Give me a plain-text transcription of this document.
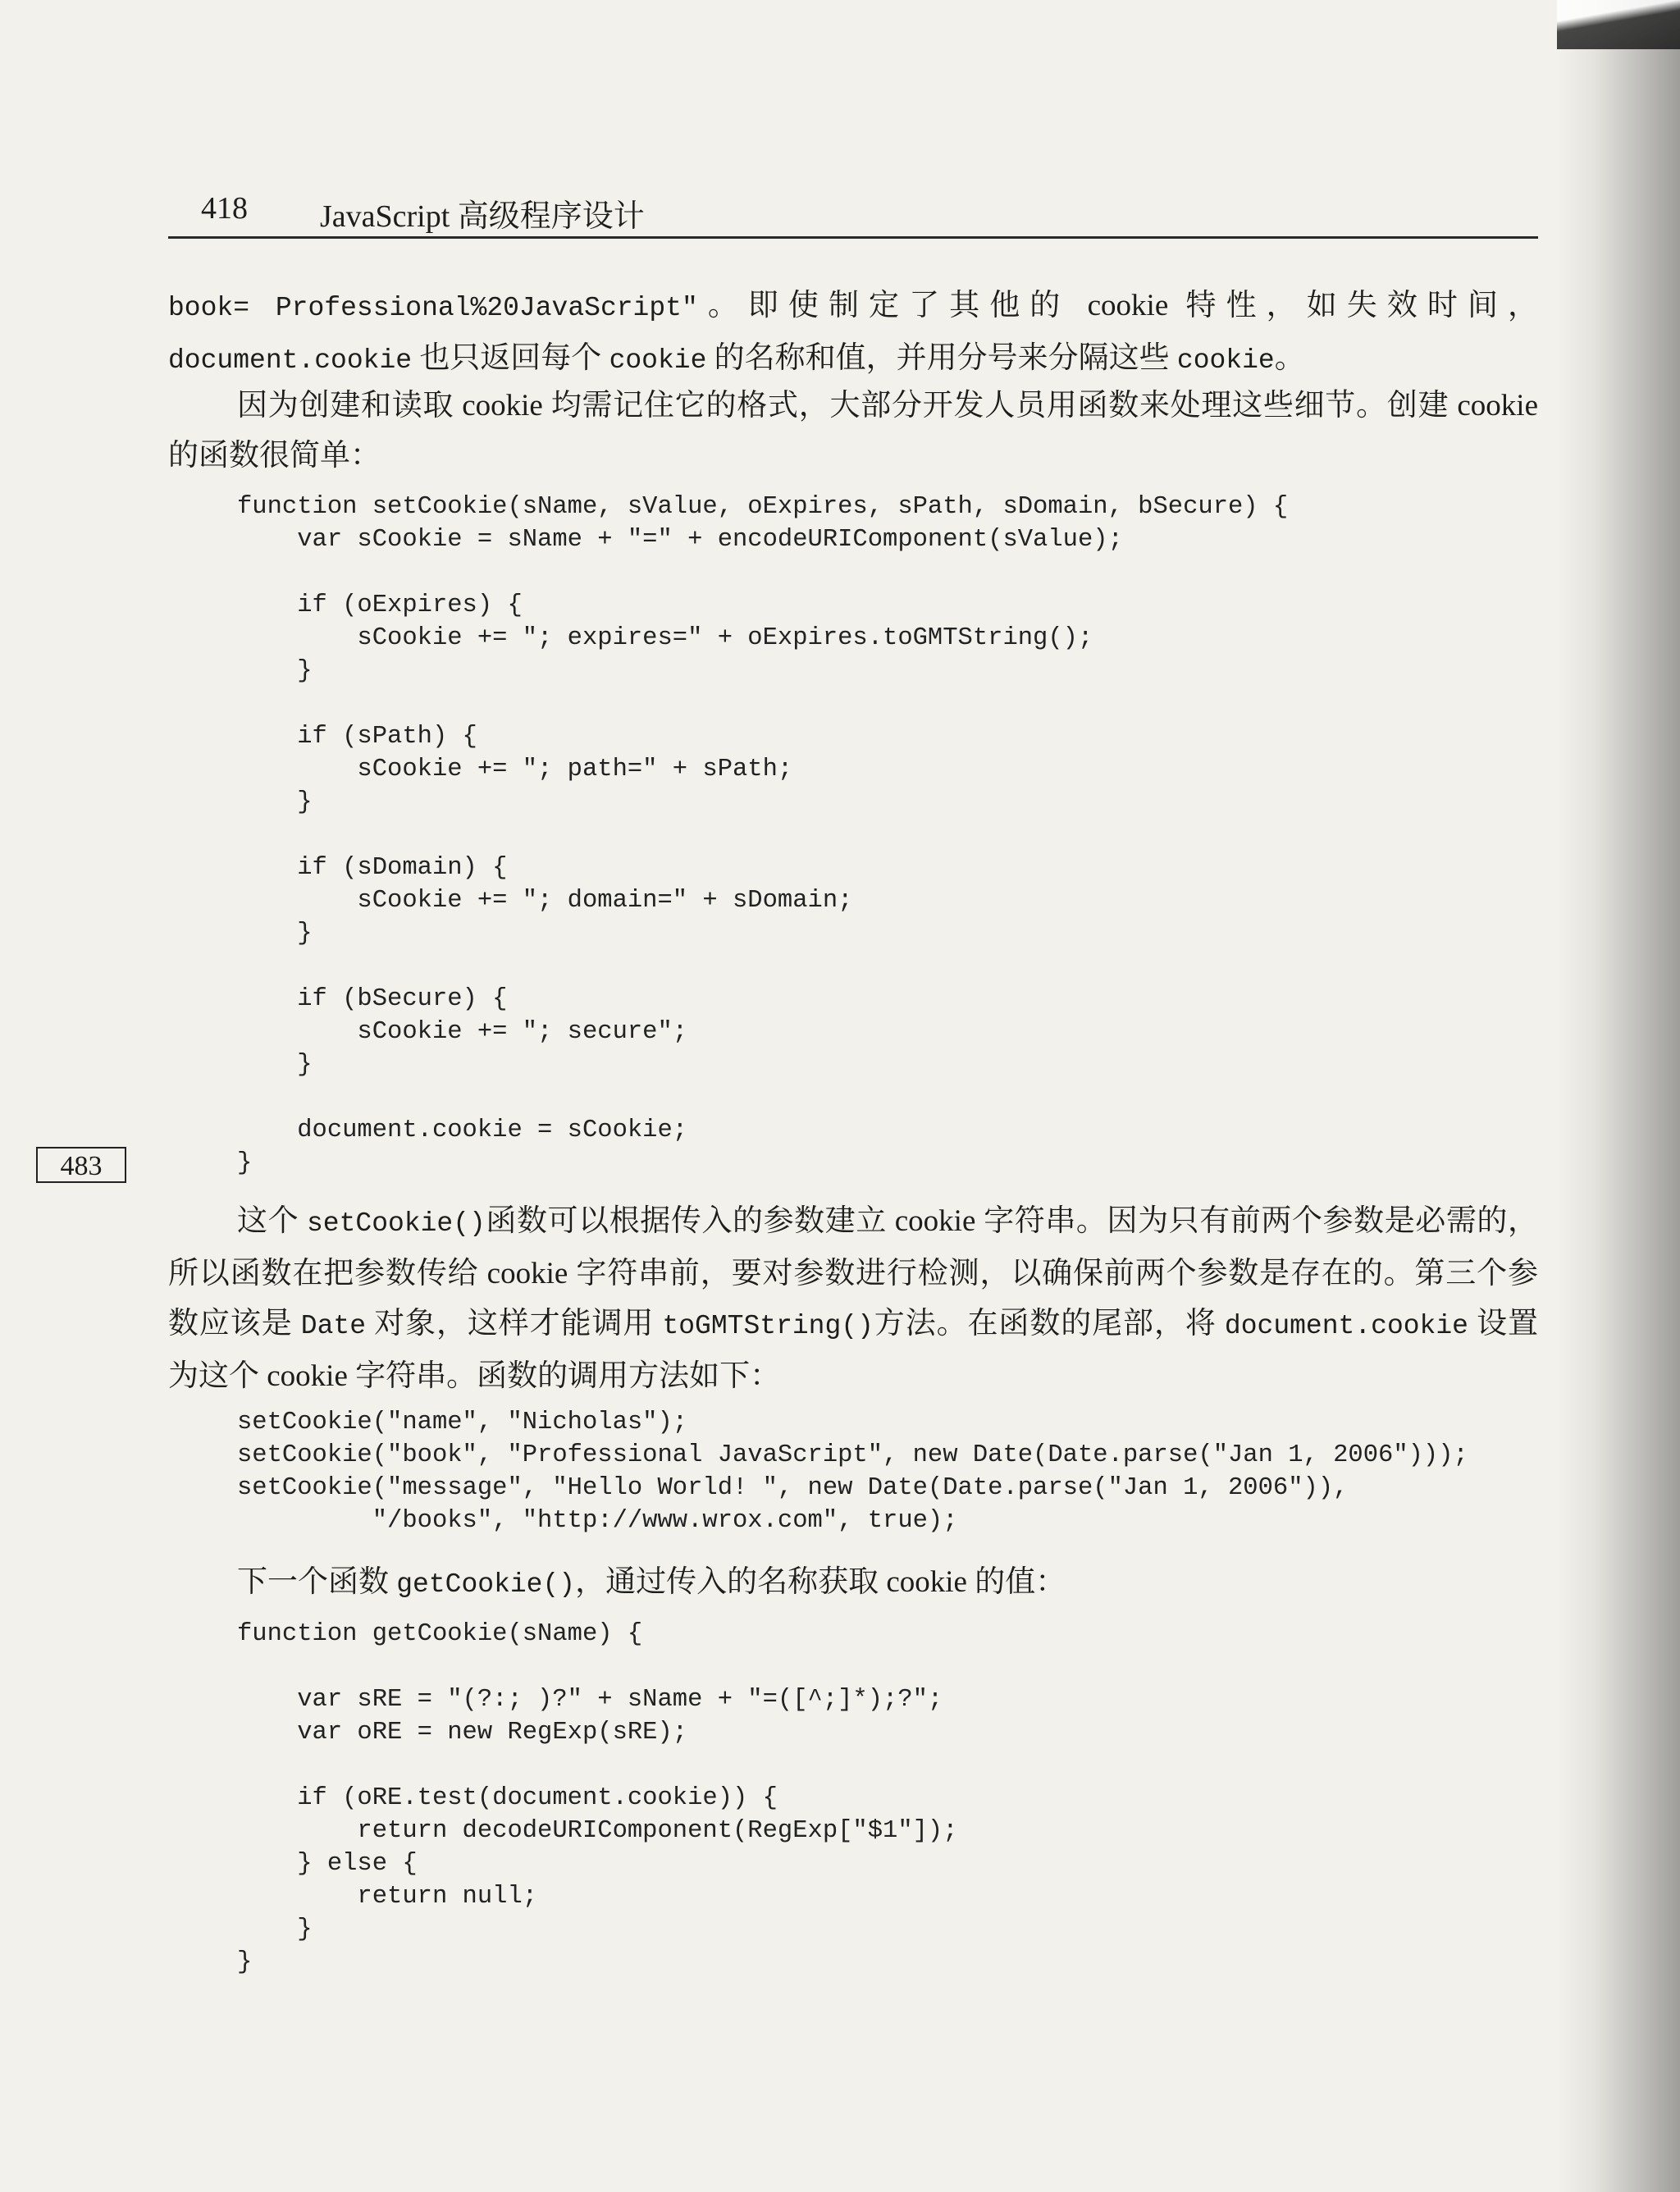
418 JavaScript 高级程序设计
book= Professional%20JavaScript"。即使制定了其他的 cookie 特性，如失效时间，document.cookie 也只返回每个 cookie 的名称和值，并用分号来分隔这些 cookie。
因为创建和读取 cookie 均需记住它的格式，大部分开发人员用函数来处理这些细节。创建 cookie 的函数很简单：
function setCookie(sName, sValue, oExpires, sPath, sDomain, bSecure) {
var sCookie = sName + "=" + encodeURIComponent(sValue);

if (oExpires) {
sCookie += "; expires=" + oExpires.toGMTString();
}

if (sPath) {
sCookie += "; path=" + sPath;
}

if (sDomain) {
sCookie += "; domain=" + sDomain;
}

if (bSecure) {
sCookie += "; secure";
}

document.cookie = sCookie;
}
这个 setCookie()函数可以根据传入的参数建立 cookie 字符串。因为只有前两个参数是必需的，所以函数在把参数传给 cookie 字符串前，要对参数进行检测，以确保前两个参数是存在的。第三个参数应该是 Date 对象，这样才能调用 toGMTString()方法。在函数的尾部，将 document.cookie 设置为这个 cookie 字符串。函数的调用方法如下：
setCookie("name", "Nicholas");
setCookie("book", "Professional JavaScript", new Date(Date.parse("Jan 1, 2006")));
setCookie("message", "Hello World! ", new Date(Date.parse("Jan 1, 2006")),
"/books", "http://www.wrox.com", true);
下一个函数 getCookie()，通过传入的名称获取 cookie 的值：
function getCookie(sName) {

var sRE = "(?:; )?" + sName + "=([^;]*);?";
var oRE = new RegExp(sRE);

if (oRE.test(document.cookie)) {
return decodeURIComponent(RegExp["$1"]);
} else {
return null;
}
}
483
